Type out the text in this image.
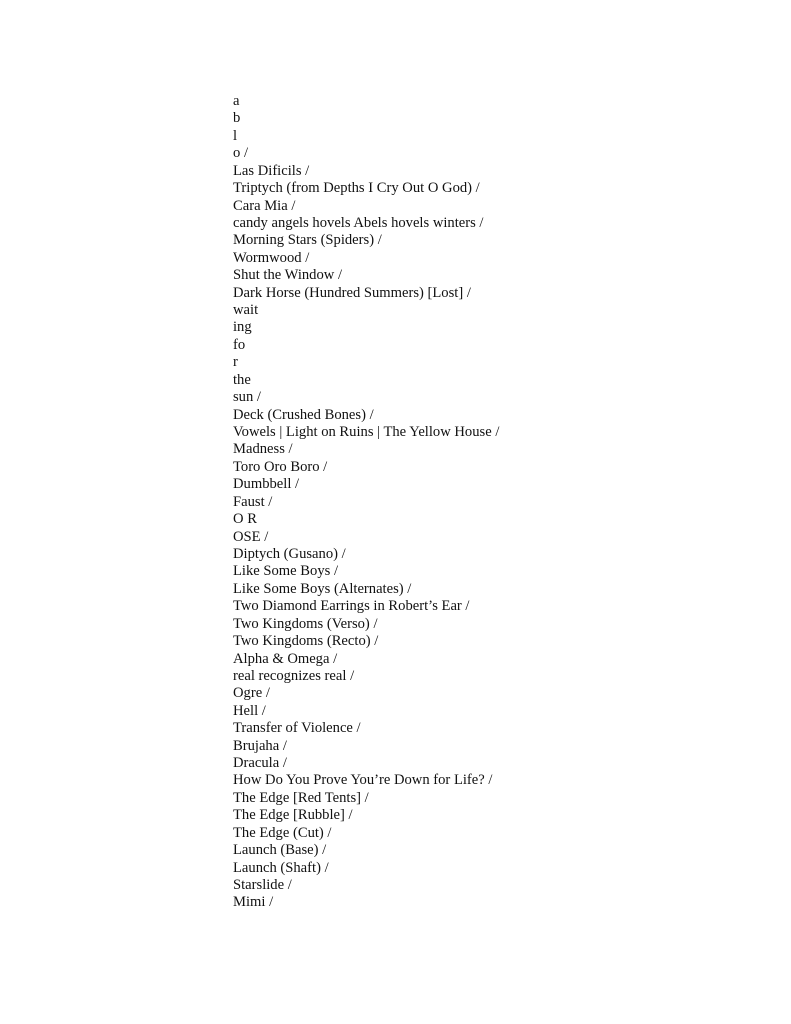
a
b
l
o /
Las Dificils /
Triptych (from Depths I Cry Out O God) /
Cara Mia /
candy angels hovels Abels hovels winters /
Morning Stars (Spiders) /
Wormwood /
Shut the Window /
Dark Horse (Hundred Summers) [Lost] /
wait
ing
fo
r
the
sun /
Deck (Crushed Bones) /
Vowels | Light on Ruins | The Yellow House /
Madness /
Toro Oro Boro /
Dumbbell /
Faust /
O R
OSE /
Diptych (Gusano) /
Like Some Boys /
Like Some Boys (Alternates) /
Two Diamond Earrings in Robert’s Ear /
Two Kingdoms (Verso) /
Two Kingdoms (Recto) /
Alpha & Omega /
real recognizes real /
Ogre /
Hell /
Transfer of Violence /
Brujaha /
Dracula /
How Do You Prove You’re Down for Life? /
The Edge [Red Tents] /
The Edge [Rubble] /
The Edge (Cut) /
Launch (Base) /
Launch (Shaft) /
Starslide /
Mimi /
